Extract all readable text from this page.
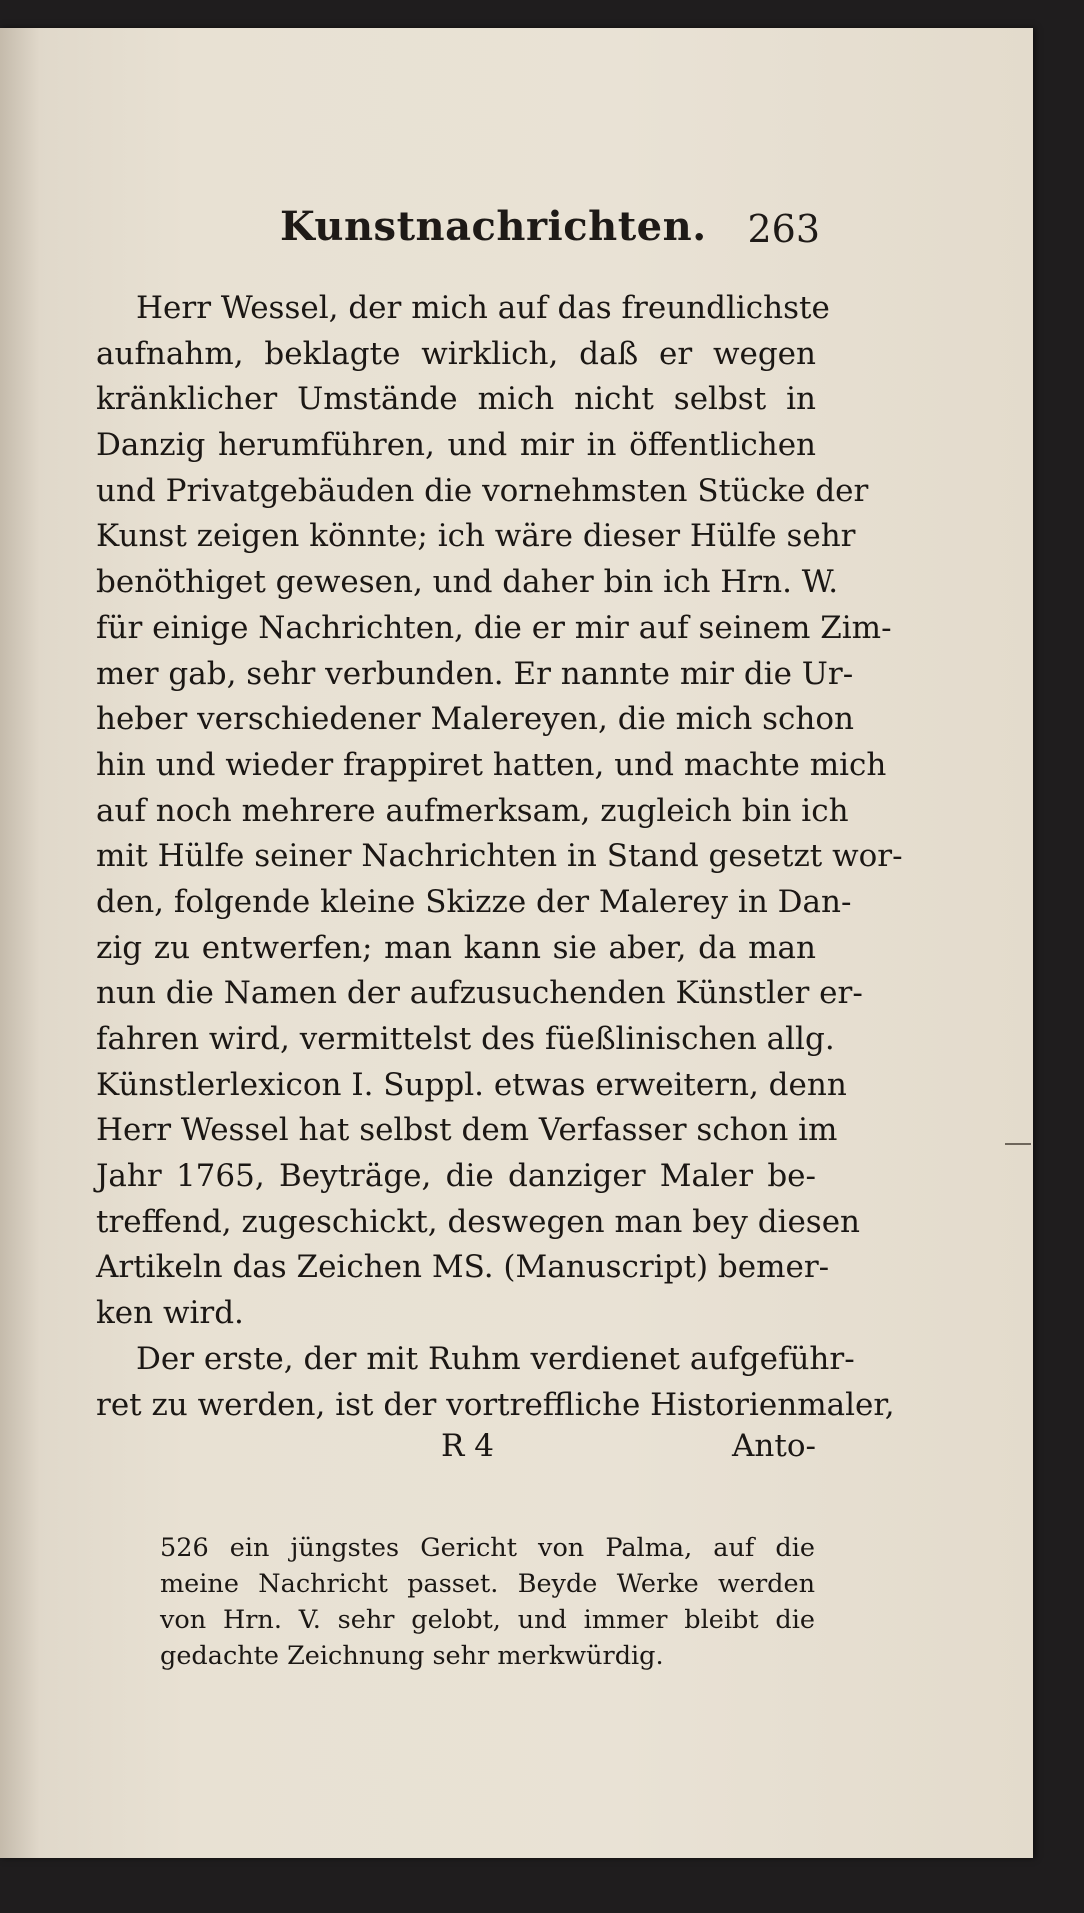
Kunstnachrichten. 263
Herr Wessel, der mich auf das freundlichste
aufnahm, beklagte wirklich, daß er wegen
kränklicher Umstände mich nicht selbst in
Danzig herumführen, und mir in öffentlichen
und Privatgebäuden die vornehmsten Stücke der
Kunst zeigen könnte; ich wäre dieser Hülfe sehr
benöthiget gewesen, und daher bin ich Hrn. W.
für einige Nachrichten, die er mir auf seinem Zim-
mer gab, sehr verbunden. Er nannte mir die Ur-
heber verschiedener Malereyen, die mich schon
hin und wieder frappiret hatten, und machte mich
auf noch mehrere aufmerksam, zugleich bin ich
mit Hülfe seiner Nachrichten in Stand gesetzt wor-
den, folgende kleine Skizze der Malerey in Dan-
zig zu entwerfen; man kann sie aber, da man
nun die Namen der aufzusuchenden Künstler er-
fahren wird, vermittelst des füeßlinischen allg.
Künstlerlexicon I. Suppl. etwas erweitern, denn
Herr Wessel hat selbst dem Verfasser schon im
Jahr 1765, Beyträge, die danziger Maler be-
treffend, zugeschickt, deswegen man bey diesen
Artikeln das Zeichen MS. (Manuscript) bemer-
ken wird.
Der erste, der mit Ruhm verdienet aufgeführ-
ret zu werden, ist der vortreffliche Historienmaler,
R 4	Anto-
526 ein jüngstes Gericht von Palma, auf die
meine Nachricht passet. Beyde Werke werden
von Hrn. V. sehr gelobt, und immer bleibt die
gedachte Zeichnung sehr merkwürdig.
